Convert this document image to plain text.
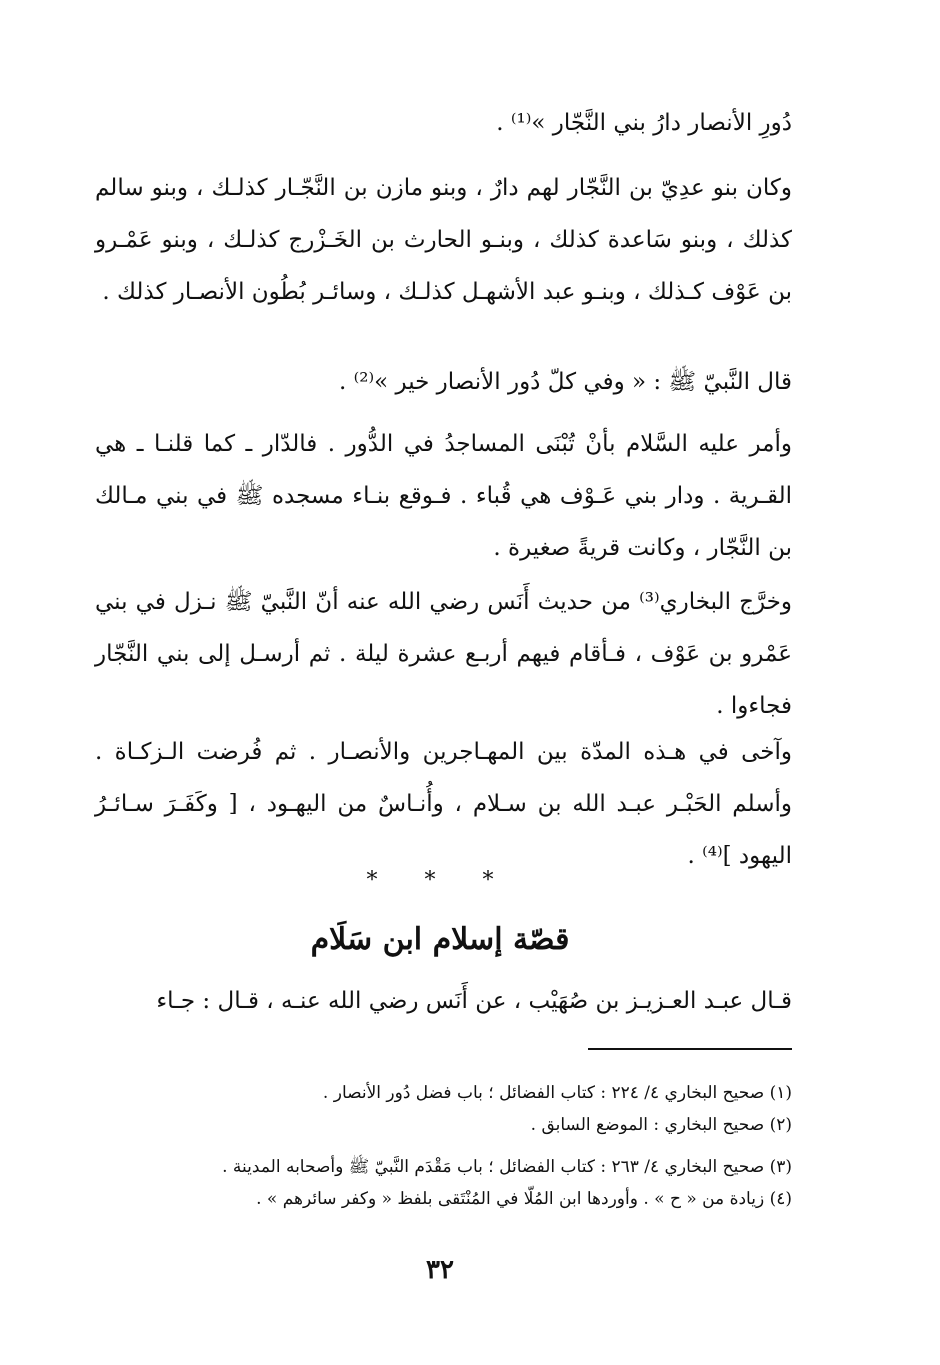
دُورِ الأنصار دارُ بني النَّجّار »⁽¹⁾ .

وكان بنو عدِيّ بن النَّجّار لهم دارٌ ، وبنو مازن بن النَّجّـار كذلـك ، وبنو سالم كذلك ، وبنو سَاعدة كذلك ، وبنـو الحارث بن الخَـزْرج كذلـك ، وبنو عَمْـرو بن عَوْف كـذلك ، وبنـو عبد الأشهـل كذلـك ، وسائـر بُطُون الأنصـار كذلك .

قال النَّبيّ ﷺ : « وفي كلّ دُور الأنصار خير »⁽²⁾ .

وأمر عليه السَّلام بأنْ تُبْنَى المساجدُ في الدُّور . فالدّار ـ كما قلنـا ـ هي القـرية . ودار بني عَـوْف هي قُباء . فـوقع بنـاء مسجده ﷺ في بني مـالك بن النَّجّار ، وكانت قريةً صغيرة .

وخرَّج البخاري⁽³⁾ من حديث أَنَس رضي الله عنه أنّ النَّبيّ ﷺ نـزل في بني عَمْرو بن عَوْف ، فـأقام فيهم أربـع عشرة ليلة . ثم أرسـل إلى بني النَّجّار فجاءوا .

وآخى في هـذه المدّة بين المهـاجرين والأنصـار . ثم فُرضت الـزكـاة . وأسلم الحَبْـر عبـد الله بن سـلام ، وأُنـاسٌ من اليهـود ، [ وكَفَـرَ سـائـرُ اليهود ]⁽⁴⁾ .

* * *
قصّة إسلام ابن سَلَام

قـال عبـد العـزيـز بن صُهَيْب ، عن أَنَس رضي الله عنـه ، قـال : جـاء

(١) صحيح البخاري ٤/ ٢٢٤ : كتاب الفضائل ؛ باب فضل دُور الأنصار .
(٢) صحيح البخاري : الموضع السابق .
(٣) صحيح البخاري ٤/ ٢٦٣ : كتاب الفضائل ؛ باب مَقْدَم النَّبيّ ﷺ وأصحابه المدينة .
(٤) زيادة من « ح » . وأوردها ابن المُلّا في المُنْتَقى بلفظ « وكفر سائرهم » .
٣٢
